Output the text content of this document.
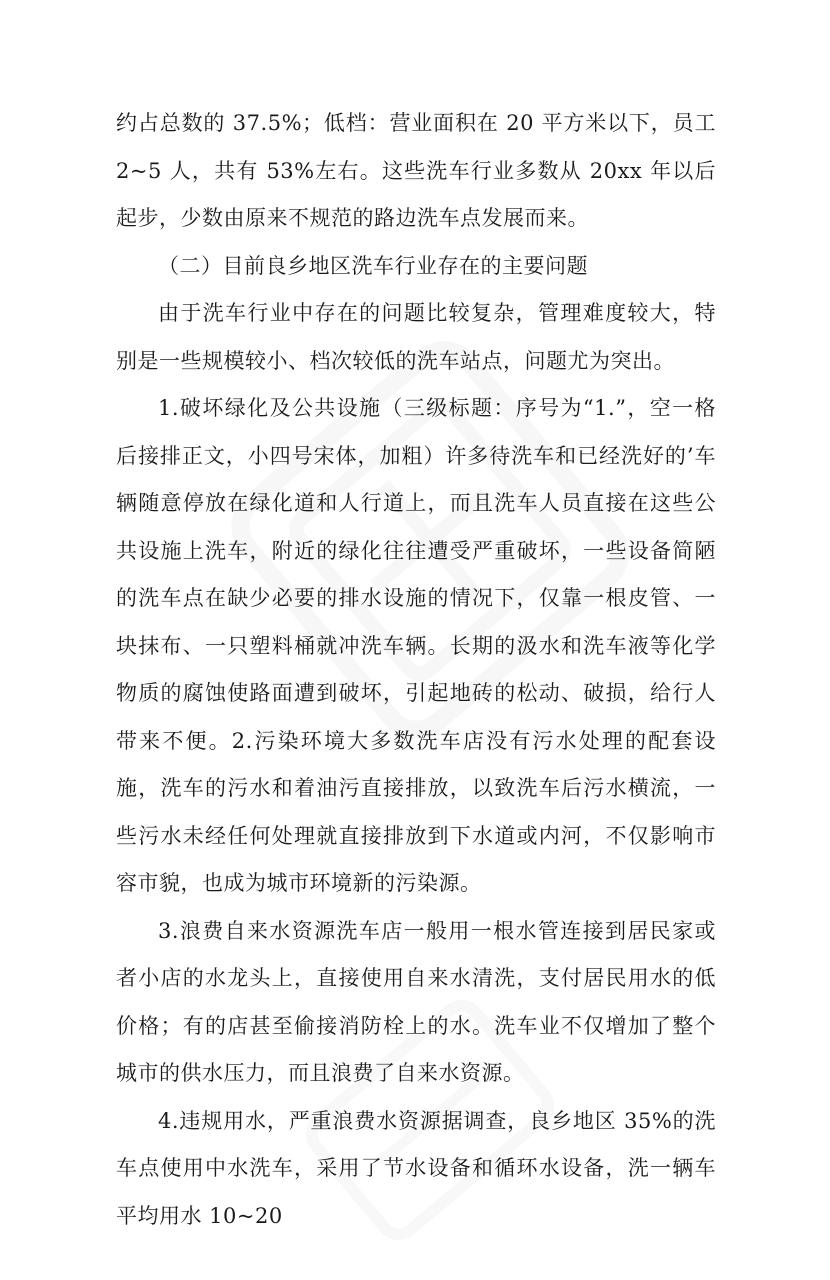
约占总数的 37.5%；低档：营业面积在 20 平方米以下，员工 2~5 人，共有 53%左右。这些洗车行业多数从 20xx 年以后起步，少数由原来不规范的路边洗车点发展而来。

（二）目前良乡地区洗车行业存在的主要问题

由于洗车行业中存在的问题比较复杂，管理难度较大，特别是一些规模较小、档次较低的洗车站点，问题尤为突出。

1.破坏绿化及公共设施（三级标题：序号为“1.”，空一格后接排正文，小四号宋体，加粗）许多待洗车和已经洗好的’车辆随意停放在绿化道和人行道上，而且洗车人员直接在这些公共设施上洗车，附近的绿化往往遭受严重破坏，一些设备简陋的洗车点在缺少必要的排水设施的情况下，仅靠一根皮管、一块抹布、一只塑料桶就冲洗车辆。长期的汲水和洗车液等化学物质的腐蚀使路面遭到破坏，引起地砖的松动、破损，给行人带来不便。2.污染环境大多数洗车店没有污水处理的配套设施，洗车的污水和着油污直接排放，以致洗车后污水横流，一些污水未经任何处理就直接排放到下水道或内河，不仅影响市容市貌，也成为城市环境新的污染源。

3.浪费自来水资源洗车店一般用一根水管连接到居民家或者小店的水龙头上，直接使用自来水清洗，支付居民用水的低价格；有的店甚至偷接消防栓上的水。洗车业不仅增加了整个城市的供水压力，而且浪费了自来水资源。

4.违规用水，严重浪费水资源据调查，良乡地区 35%的洗车点使用中水洗车，采用了节水设备和循环水设备，洗一辆车平均用水 10~20
